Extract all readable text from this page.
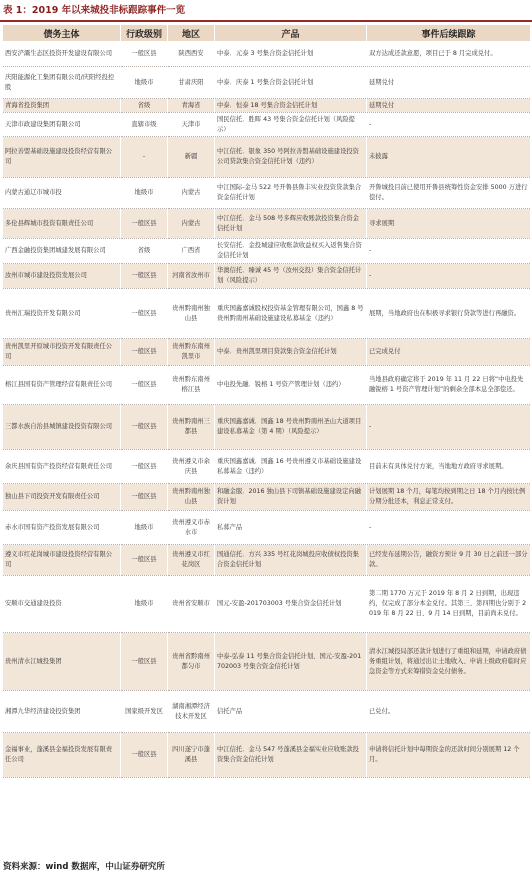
表 1：2019 年以来城投非标跟踪事件一览
债务主体	行政级别	地区	产品	事件后续跟踪
西安浐灞生态区投资开发建设有限公司	一般区县	陕西西安	中泰．元泰 3 号集合资金信托计划	双方达成还款意愿，项目已于 8 月完成兑付。
庆阳能源化工集团有限公司/庆阳经投控股	地级市	甘肃庆阳	中泰．庆泰 1 号集合资金信托计划	延期兑付
青海省投资集团	省级	青海省	中泰．恒泰 18 号集合资金信托计划	延期兑付
天津市政建设集团有限公司	直辖市级	天津市	国民信托．胜晖 43 号集合资金信托计划（风险提示）	-
阿拉善盟基础设施建设投资经营有限公司	-	新疆	中江信托．银象 350 号阿拉善盟基础设施建设投资公司贷款集合资金信托计划（违约）	未披露
内蒙古通辽市城市投	地级市	内蒙古	中江国际-金马 522 号开鲁县鲁丰实业投资贷款集合资金信托计划	开鲁城投目前已使用开鲁县统筹性资金安排 5000 万进行偿付。
多伦县辉城市投资有限责任公司	一般区县	内蒙古	中江信托．金马 508 号多辉应收账款投资集合资金信托计划	寻求展期
广西金融投资集团城建发展有限公司	省级	广西省	长安信托．金投城建应收账款收益权买入返售集合资金信托计划	-
汝州市城市建设投资发展公司	一般区县	河南省汝州市	华澳信托．臻诚 45 号（汝州交投）集合资金信托计划（风险提示）	-
贵州汇瑞投资开发有限公司	一般区县	贵州黔南州独山县	重庆国鑫嘉诚股权投资基金管理有限公司，国鑫 8 号贵州黔南州基础设施建设私募基金（违约）	展期，当地政府也在积极寻求银行贷款等进行再融资。
贵州凯里开原城市投资开发有限责任公司	一般区县	贵州黔东南州凯里市	中泰．贵州凯里项目贷款集合资金信托计划	已完成兑付
榕江县国有资产管理经营有限责任公司	一般区县	贵州黔东南州榕江县	中电投先融．锐榕 1 号资产管理计划（违约）	当地县政府确定将于 2019 年 11 月 22 日将“中电投先融锐榕 1 号资产管理计划”的剩余全部本息全部偿还。
三都水族自治县城镇建设投资有限公司	一般区县	贵州黔南州三都县	重庆国鑫嘉诚．国鑫 18 号贵州黔南州圣山大道项目建设私募基金（第 4 期）（风险提示）	-
余庆县国有资产投资经营有限责任公司	一般区县	贵州遵义市余庆县	重庆国鑫嘉诚．国鑫 16 号贵州遵义市基础设施建设私募基金（违约）	目前未有具体兑付方案，当地地方政府寻求展期。
独山县下司投资开发有限责任公司	一般区县	贵州黔南州独山县	和融金服．2016 独山县下司镇基础设施建设定向融资计划	计划展期 18 个月，每笔均按到期之日 18 个月内按比例分期分批还本，利息正常支付。
赤水市国有资产投资发展有限公司	地级市	贵州遵义市赤水市	私募产品	-
遵义市红花岗城市建设投资经营有限公司	一般区县	贵州遵义市红花岗区	国通信托．方兴 335 号红花岗城投应收债权投资集合资金信托计划	已经发布延期公告，融资方预计 9 月 30 日之前还一部分款。
安顺市交通建设投资	地级市	贵州省安顺市	国元-安盈-201703003 号集合资金信托计划	第二期 1770 万元于 2019 年 8 月 2 日到期，出现违约，仅完成了部分本金兑付。其第三、第四期也分别于 2019 年 8 月 22 日、9 月 14 日到期，目前尚未兑付。
贵州清水江城投集团	一般区县	贵州省黔南州都匀市	中泰-弘泰 11 号集合资金信托计划、国元-安盈-201702003 号集合资金信托计划	清水江城投局部还款计划进行了重组和延期，申请政府债务重组计划，将通过出让土地收入、申请上级政府临时应急资金等方式来筹措资金兑付债务。
湘潭九华经济建设投资集团	国家级开发区	湖南湘潭经济技术开发区	信托产品	已兑付。
金福事业，蓬溪县金福投资发展有限责任公司	一般区县	四川遂宁市蓬溪县	中江信托．金马 547 号蓬溪县金福实业应收账款投资集合资金信托计划	申请将信托计划中每期资金的还款时间分别展期 12 个月。
资料来源：wind 数据库，中山证券研究所
